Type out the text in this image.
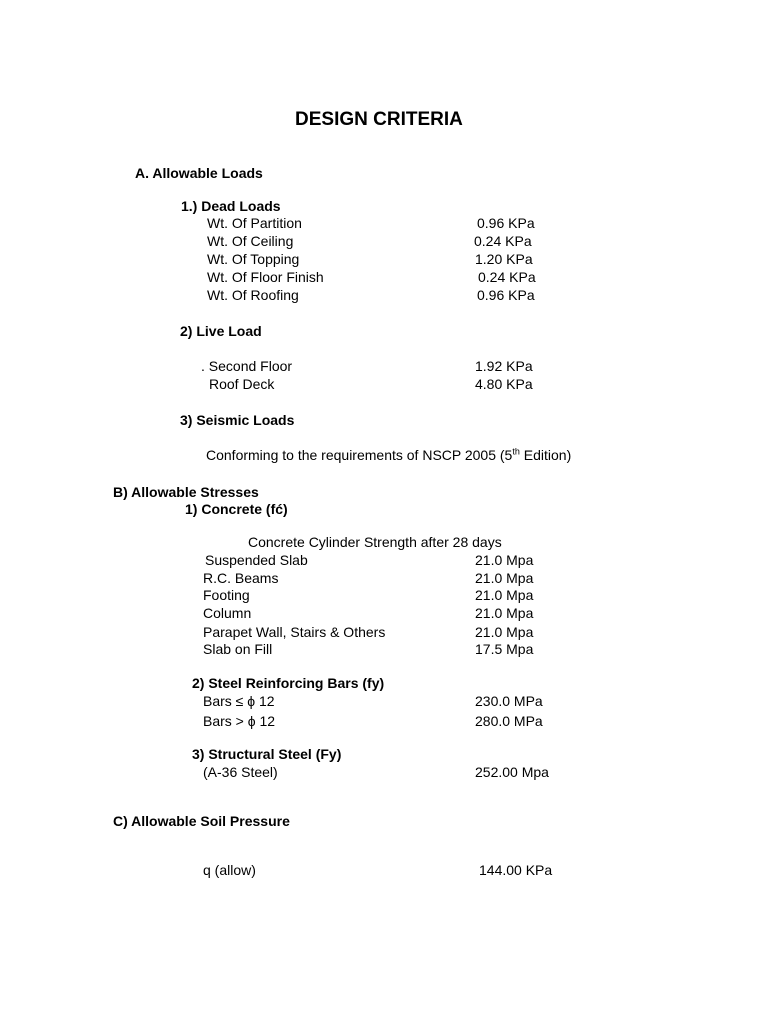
DESIGN CRITERIA
A. Allowable Loads
1.) Dead Loads
Wt. Of Partition	0.96 KPa
Wt. Of Ceiling	0.24 KPa
Wt. Of Topping	1.20 KPa
Wt. Of Floor Finish	0.24 KPa
Wt. Of Roofing	0.96 KPa
2) Live Load
. Second Floor	1.92 KPa
Roof Deck	4.80 KPa
3) Seismic Loads
Conforming to the requirements of NSCP 2005 (5th Edition)
B) Allowable Stresses
1) Concrete (fć)
Concrete Cylinder Strength after 28 days
Suspended Slab	21.0 Mpa
R.C. Beams	21.0 Mpa
Footing	21.0 Mpa
Column	21.0 Mpa
Parapet Wall, Stairs & Others	21.0 Mpa
Slab on Fill	17.5 Mpa
2) Steel Reinforcing Bars (fy)
Bars ≤ ϕ 12	230.0 MPa
Bars > ϕ 12	280.0 MPa
3) Structural Steel (Fy)
(A-36 Steel)	252.00 Mpa
C) Allowable Soil Pressure
q (allow)	144.00 KPa
